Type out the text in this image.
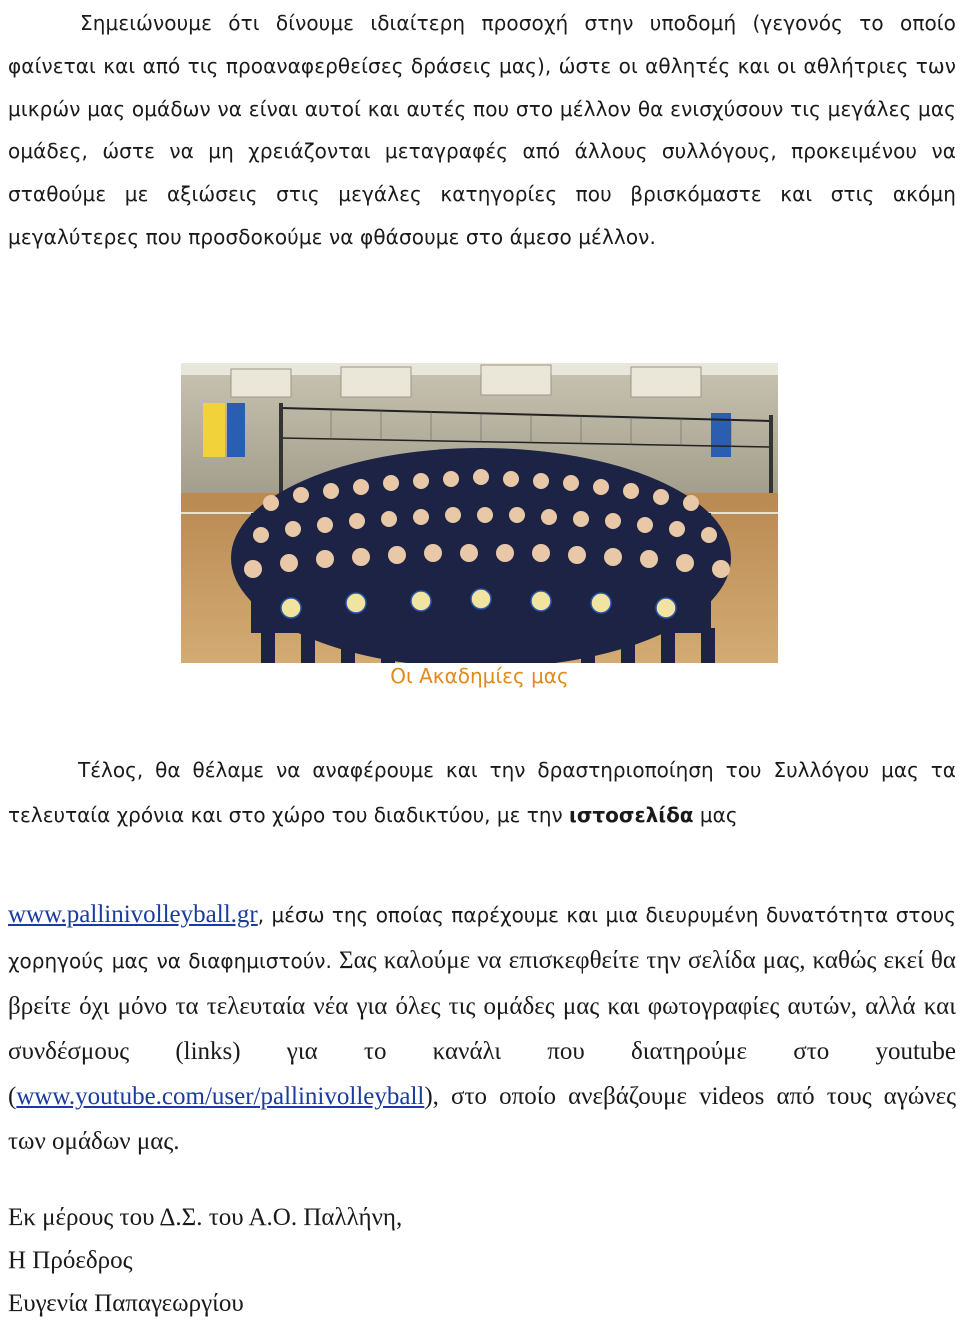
Σημειώνουμε ότι δίνουμε ιδιαίτερη προσοχή στην υποδομή (γεγονός το οποίο φαίνεται και από τις προαναφερθείσες δράσεις μας), ώστε οι αθλητές και οι αθλήτριες των μικρών μας ομάδων να είναι αυτοί και αυτές που στο μέλλον θα ενισχύσουν τις μεγάλες μας ομάδες, ώστε να μη χρειάζονται μεταγραφές από άλλους συλλόγους, προκειμένου να σταθούμε με αξιώσεις στις μεγάλες κατηγορίες που βρισκόμαστε και στις ακόμη μεγαλύτερες που προσδοκούμε να φθάσουμε στο άμεσο μέλλον.

Οι Ακαδημίες μας

Τέλος, θα θέλαμε να αναφέρουμε και την δραστηριοποίηση του Συλλόγου μας τα τελευταία χρόνια και στο χώρο του διαδικτύου, με την ιστοσελίδα μας

www.pallinivolleyball.gr, μέσω της οποίας παρέχουμε και μια διευρυμένη δυνατότητα στους χορηγούς μας να διαφημιστούν. Σας καλούμε να επισκεφθείτε την σελίδα μας, καθώς εκεί θα βρείτε όχι μόνο τα τελευταία νέα για όλες τις ομάδες μας και φωτογραφίες αυτών, αλλά και συνδέσμους (links) για το κανάλι που διατηρούμε στο youtube (www.youtube.com/user/pallinivolleyball), στο οποίο ανεβάζουμε videos από τους αγώνες των ομάδων μας.

Εκ μέρους του Δ.Σ. του Α.Ο. Παλλήνη,
Η Πρόεδρος
Ευγενία Παπαγεωργίου
